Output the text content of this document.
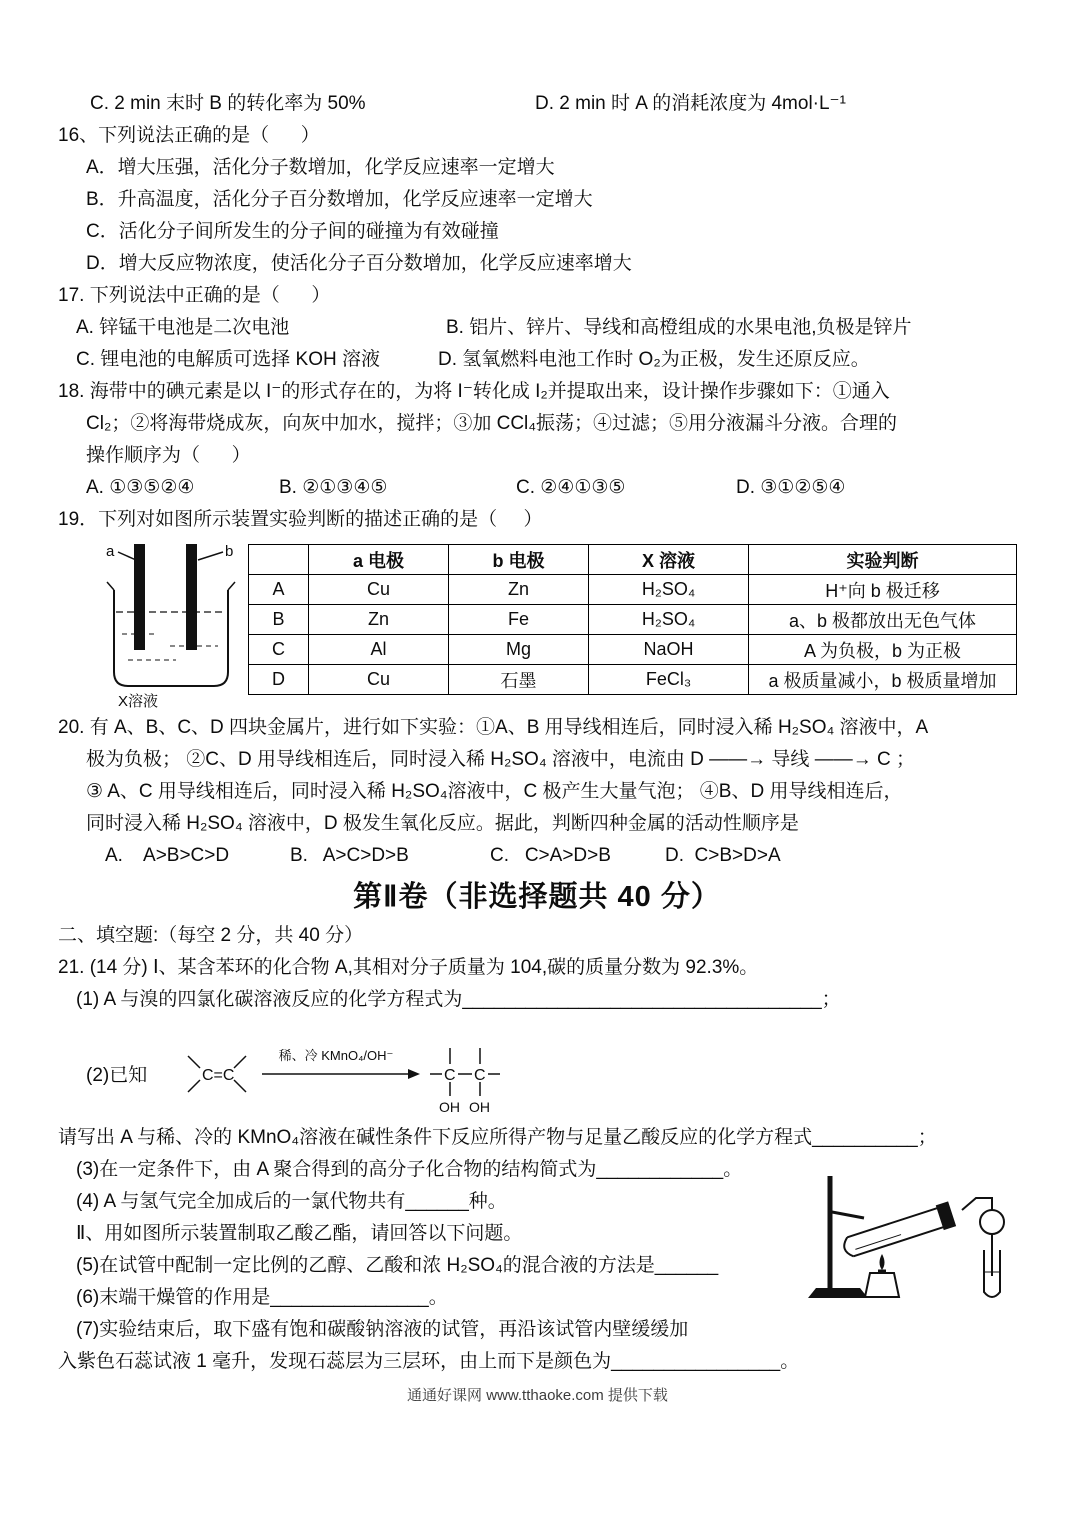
C. 2 min 末时 B 的转化率为 50%	D. 2 min 时 A 的消耗浓度为 4mol·L⁻¹
16、下列说法正确的是（      ）
A．增大压强，活化分子数增加，化学反应速率一定增大
B．升高温度，活化分子百分数增加，化学反应速率一定增大
C．活化分子间所发生的分子间的碰撞为有效碰撞
D．增大反应物浓度，使活化分子百分数增加，化学反应速率增大
17. 下列说法中正确的是（      ）
A. 锌锰干电池是二次电池	B. 铝片、锌片、导线和高橙组成的水果电池,负极是锌片
C. 锂电池的电解质可选择 KOH 溶液	D. 氢氧燃料电池工作时 O₂为正极，发生还原反应。
18. 海带中的碘元素是以 I⁻的形式存在的，为将 I⁻转化成 I₂并提取出来，设计操作步骤如下：①通入
Cl₂；②将海带烧成灰，向灰中加水，搅拌；③加 CCl₄振荡；④过滤；⑤用分液漏斗分液。合理的
操作顺序为（      ）
A. ①③⑤②④	B. ②①③④⑤	C. ②④①③⑤	D. ③①②⑤④
19．下列对如图所示装置实验判断的描述正确的是（     ）
a	b
X溶液
	a 电极	b 电极	X 溶液	实验判断
A	Cu	Zn	H₂SO₄	H⁺向 b 极迁移
B	Zn	Fe	H₂SO₄	a、b 极都放出无色气体
C	Al	Mg	NaOH	A 为负极，b 为正极
D	Cu	石墨	FeCl₃	a 极质量减小，b 极质量增加
20. 有 A、B、C、D 四块金属片，进行如下实验：①A、B 用导线相连后，同时浸入稀 H₂SO₄ 溶液中，A
极为负极； ②C、D 用导线相连后，同时浸入稀 H₂SO₄ 溶液中，电流由 D ——→ 导线 ——→ C ；
③ A、C 用导线相连后，同时浸入稀 H₂SO₄溶液中，C 极产生大量气泡； ④B、D 用导线相连后，
同时浸入稀 H₂SO₄ 溶液中，D 极发生氧化反应。据此，判断四种金属的活动性顺序是
A.    A>B>C>D	B.   A>C>D>B	C.   C>A>D>B	D.  C>B>D>A
第Ⅱ卷（非选择题共 40 分）
二、填空题:（每空 2 分，共 40 分）
21. (14 分) Ⅰ、某含苯环的化合物 A,其相对分子质量为 104,碳的质量分数为 92.3%。
(1) A 与溴的四氯化碳溶液反应的化学方程式为__________________________________；
(2)已知	C=C
稀、冷 KMnO₄/OH⁻
C C
OH OH
请写出 A 与稀、冷的 KMnO₄溶液在碱性条件下反应所得产物与足量乙酸反应的化学方程式__________；
(3)在一定条件下，由 A 聚合得到的高分子化合物的结构简式为____________。
(4) A 与氢气完全加成后的一氯代物共有______种。
Ⅱ、用如图所示装置制取乙酸乙酯，请回答以下问题。
(5)在试管中配制一定比例的乙醇、乙酸和浓 H₂SO₄的混合液的方法是______
(6)末端干燥管的作用是_______________。
(7)实验结束后，取下盛有饱和碳酸钠溶液的试管，再沿该试管内壁缓缓加
入紫色石蕊试液 1 毫升，发现石蕊层为三层环，由上而下是颜色为________________。
通通好课网 www.tthaoke.com 提供下载
